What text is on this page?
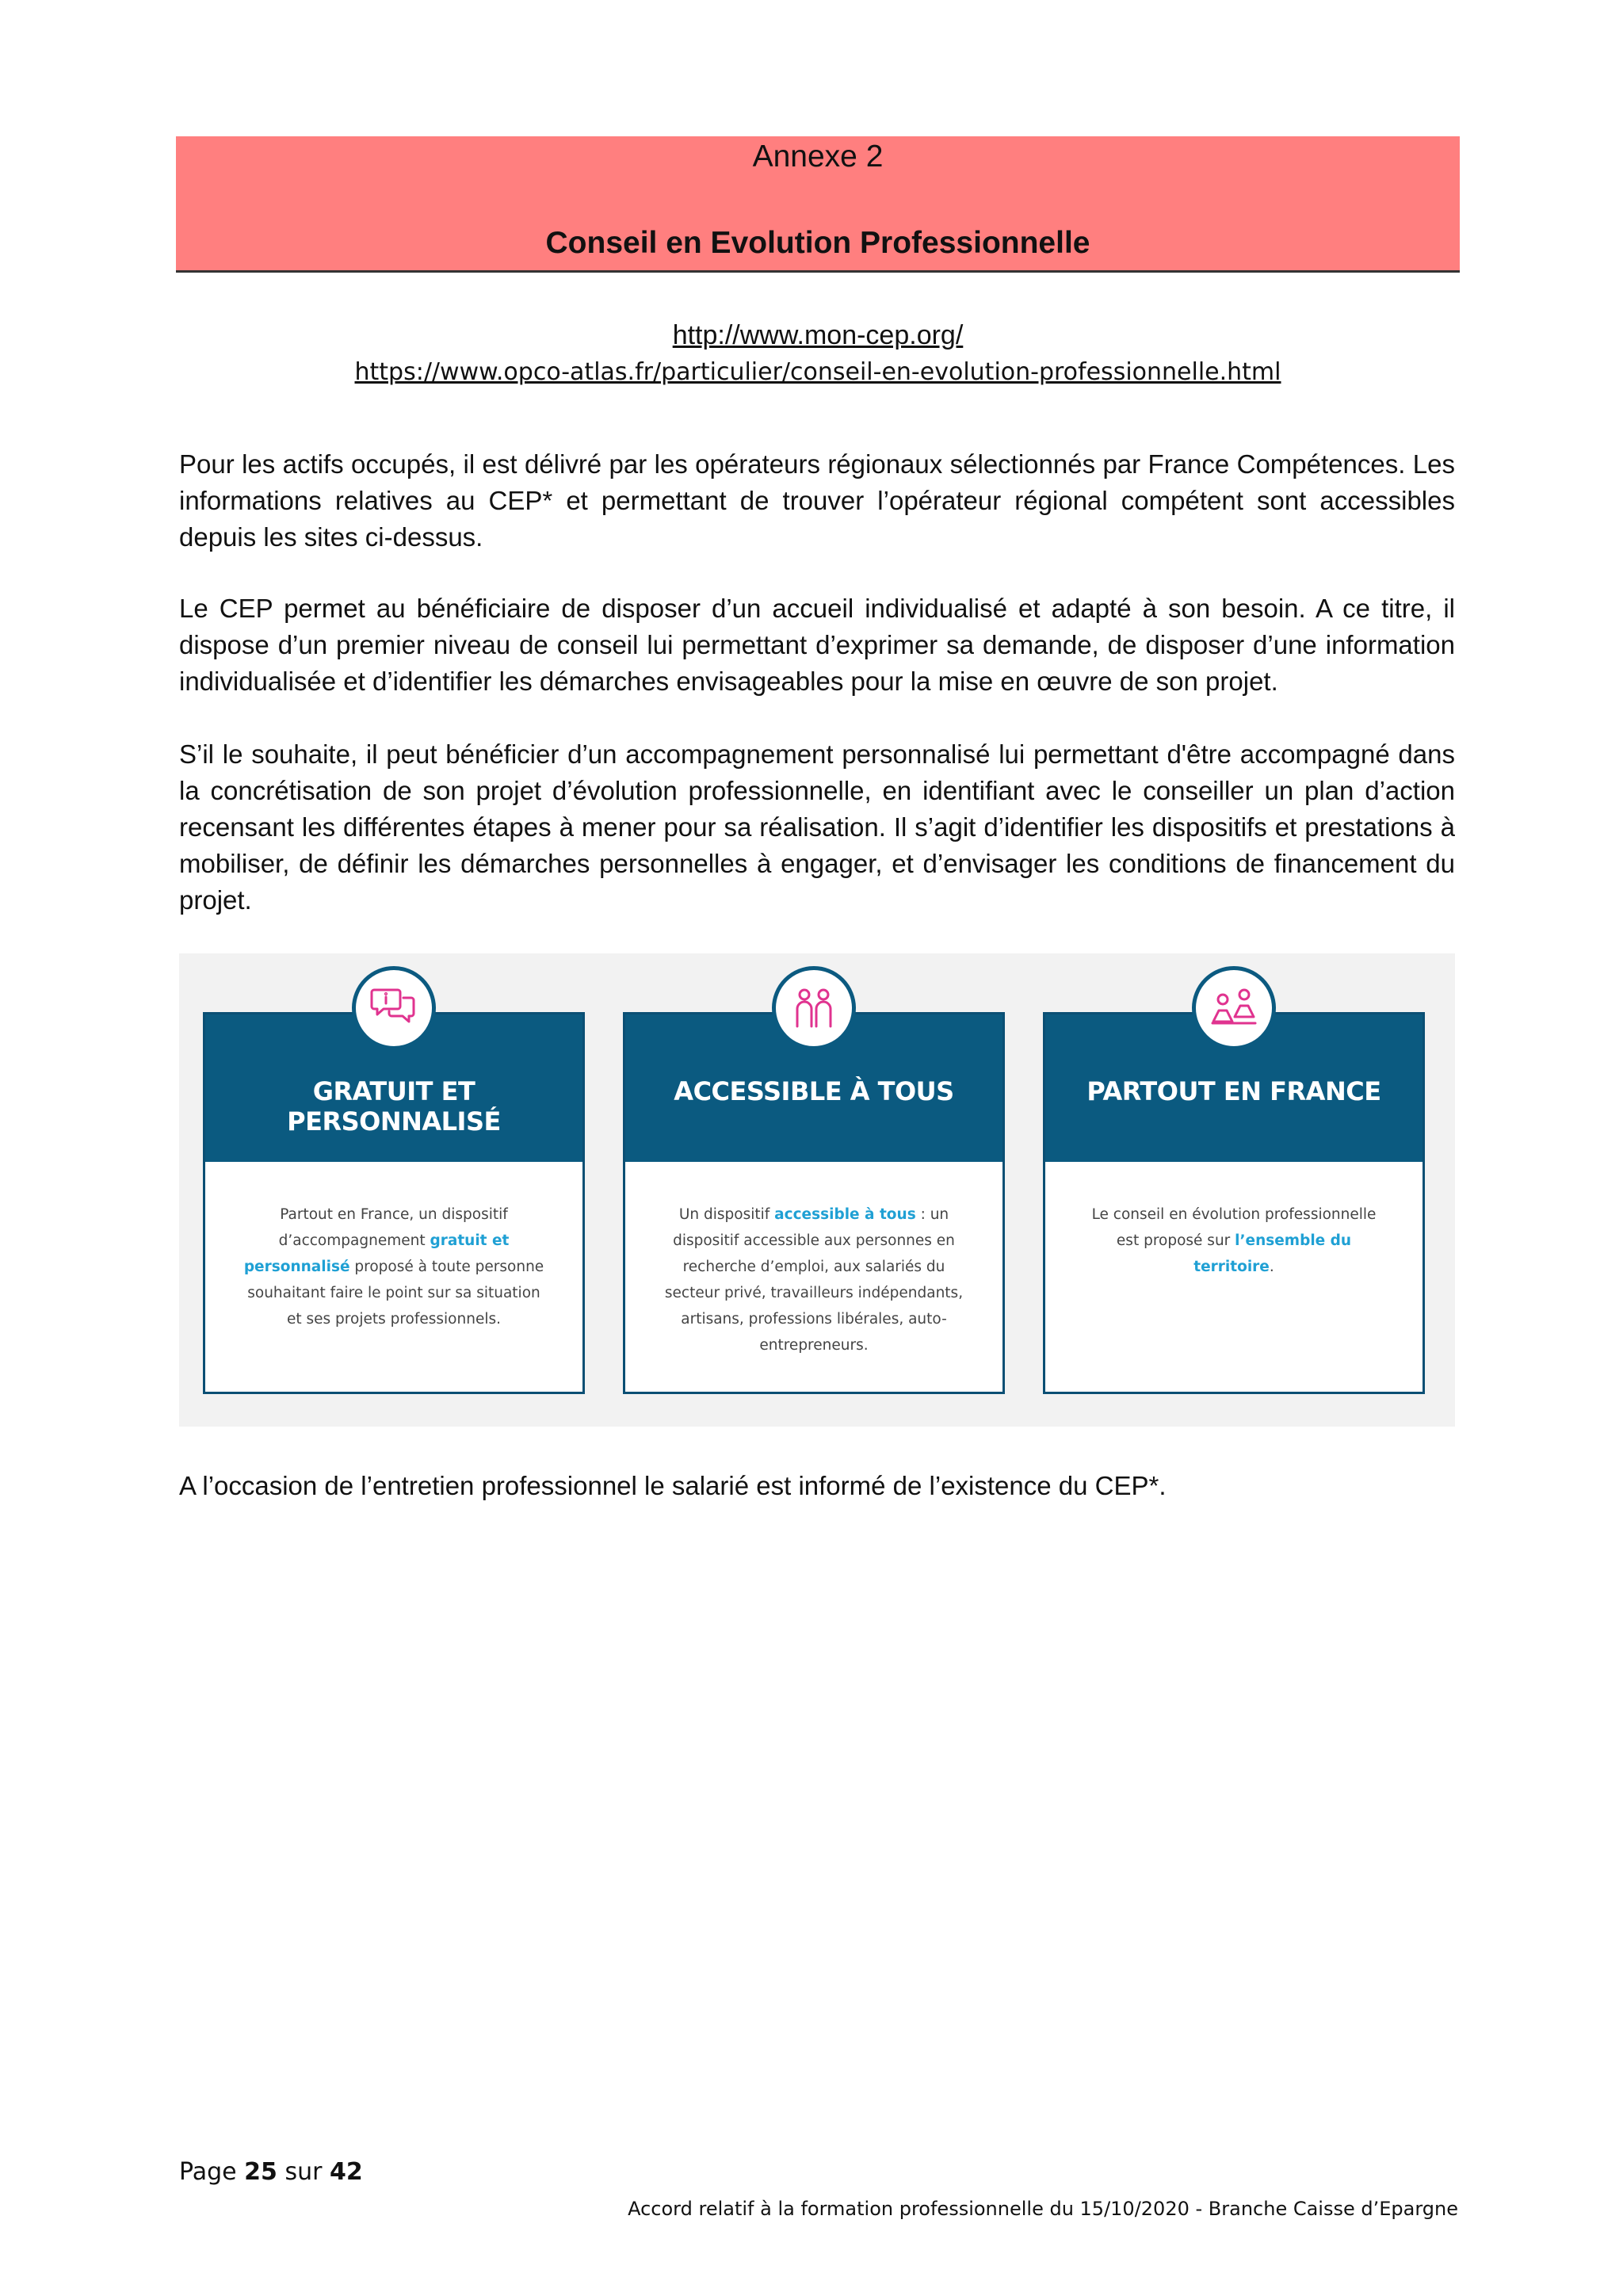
Annexe 2
Conseil en Evolution Professionnelle
http://www.mon-cep.org/
https://www.opco-atlas.fr/particulier/conseil-en-evolution-professionnelle.html

Pour les actifs occupés, il est délivré par les opérateurs régionaux sélectionnés par France Compétences. Les informations relatives au CEP* et permettant de trouver l’opérateur régional compétent sont accessibles depuis les sites ci-dessus.

Le CEP permet au bénéficiaire de disposer d’un accueil individualisé et adapté à son besoin. A ce titre, il dispose d’un premier niveau de conseil lui permettant d’exprimer sa demande, de disposer d’une information individualisée et d’identifier les démarches envisageables pour la mise en œuvre de son projet.

S’il le souhaite, il peut bénéficier d’un accompagnement personnalisé lui permettant d'être accompagné dans la concrétisation de son projet d’évolution professionnelle, en identifiant avec le conseiller un plan d’action recensant les différentes étapes à mener pour sa réalisation. Il s’agit d’identifier les dispositifs et prestations à mobiliser, de définir les démarches personnelles à engager, et d’envisager les conditions de financement du projet.

GRATUIT ET PERSONNALISÉ
Partout en France, un dispositif d’accompagnement gratuit et personnalisé proposé à toute personne souhaitant faire le point sur sa situation et ses projets professionnels.
ACCESSIBLE À TOUS
Un dispositif accessible à tous : un dispositif accessible aux personnes en recherche d’emploi, aux salariés du secteur privé, travailleurs indépendants, artisans, professions libérales, auto-entrepreneurs.
PARTOUT EN FRANCE
Le conseil en évolution professionnelle est proposé sur l’ensemble du territoire.

A l’occasion de l’entretien professionnel le salarié est informé de l’existence du CEP*.

Page 25 sur 42
Accord relatif à la formation professionnelle du 15/10/2020 - Branche Caisse d’Epargne
